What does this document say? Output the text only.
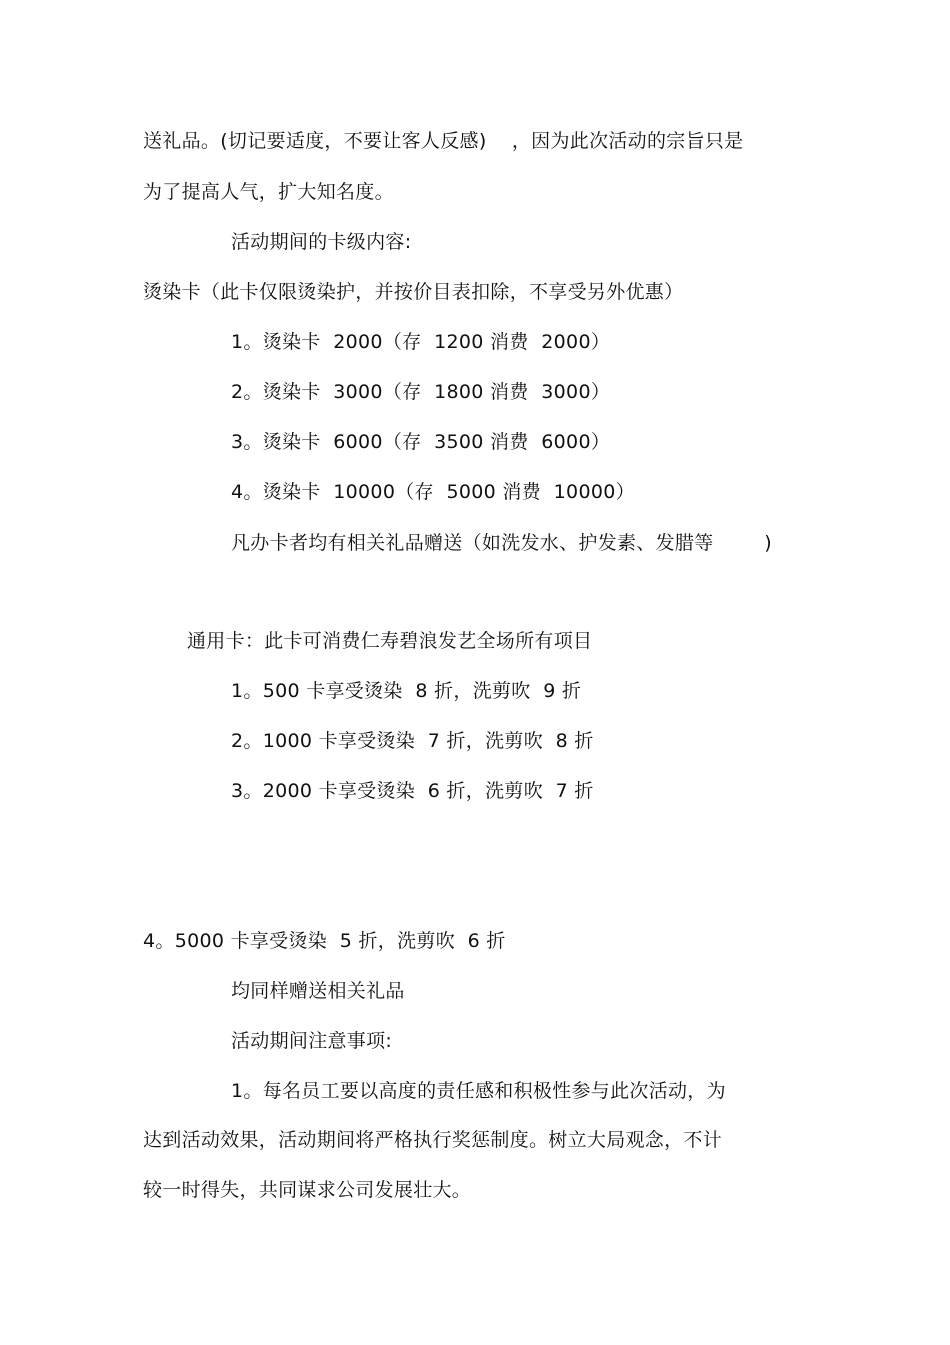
送礼品。(切记要适度，不要让客人反感)    ，因为此次活动的宗旨只是
为了提高人气，扩大知名度。
活动期间的卡级内容:
烫染卡（此卡仅限烫染护，并按价目表扣除，不享受另外优惠）
1。烫染卡  2000（存  1200 消费  2000）
2。烫染卡  3000（存  1800 消费  3000）
3。烫染卡  6000（存  3500 消费  6000）
4。烫染卡  10000（存  5000 消费  10000）
凡办卡者均有相关礼品赠送（如洗发水、护发素、发腊等        )
通用卡：此卡可消费仁寿碧浪发艺全场所有项目
1。500 卡享受烫染  8 折，洗剪吹  9 折
2。1000 卡享受烫染  7 折，洗剪吹  8 折
3。2000 卡享受烫染  6 折，洗剪吹  7 折
4。5000 卡享受烫染  5 折，洗剪吹  6 折
均同样赠送相关礼品
活动期间注意事项:
1。每名员工要以高度的责任感和积极性参与此次活动，为
达到活动效果，活动期间将严格执行奖惩制度。树立大局观念，不计
较一时得失，共同谋求公司发展壮大。
